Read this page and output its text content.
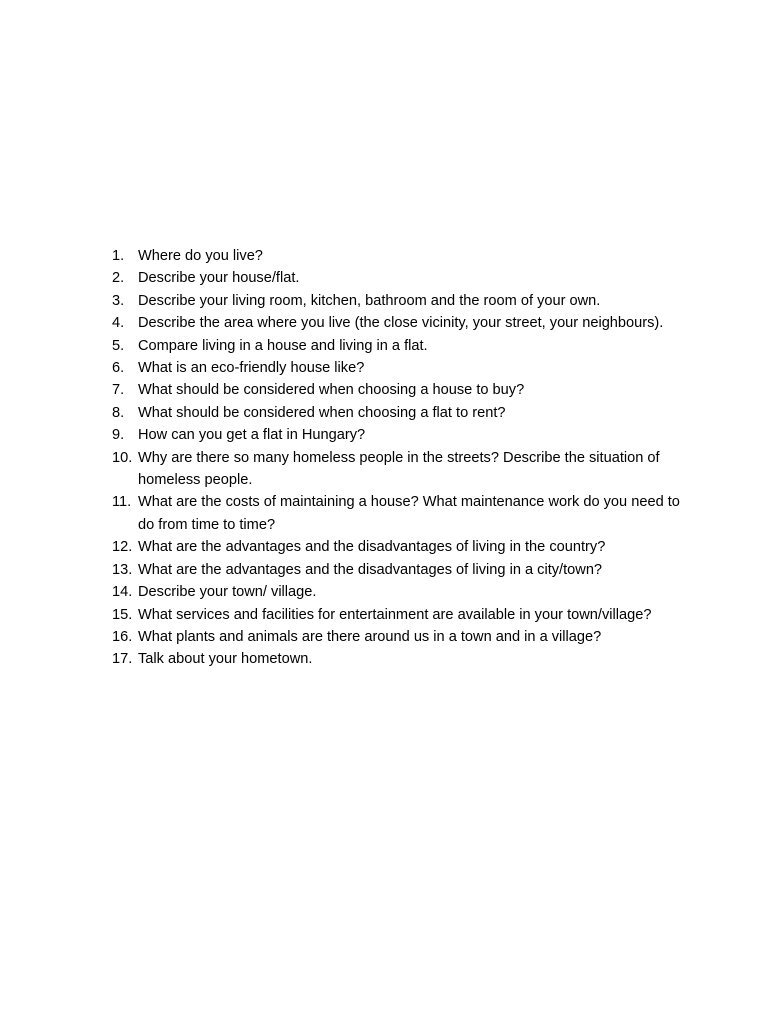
1. Where do you live?
2. Describe your house/flat.
3. Describe your living room, kitchen, bathroom and the room of your own.
4. Describe the area where you live (the close vicinity, your street, your neighbours).
5. Compare living in a house and living in a flat.
6. What is an eco-friendly house like?
7. What should be considered when choosing a house to buy?
8. What should be considered when choosing a flat to rent?
9. How can you get a flat in Hungary?
10. Why are there so many homeless people in the streets? Describe the situation of homeless people.
11. What are the costs of maintaining a house? What maintenance work do you need to do from time to time?
12. What are the advantages and the disadvantages of living in the country?
13. What are the advantages and the disadvantages of living in a city/town?
14. Describe your town/ village.
15. What services and facilities for entertainment are available in your town/village?
16. What plants and animals are there around us in a town and in a village?
17. Talk about your hometown.
